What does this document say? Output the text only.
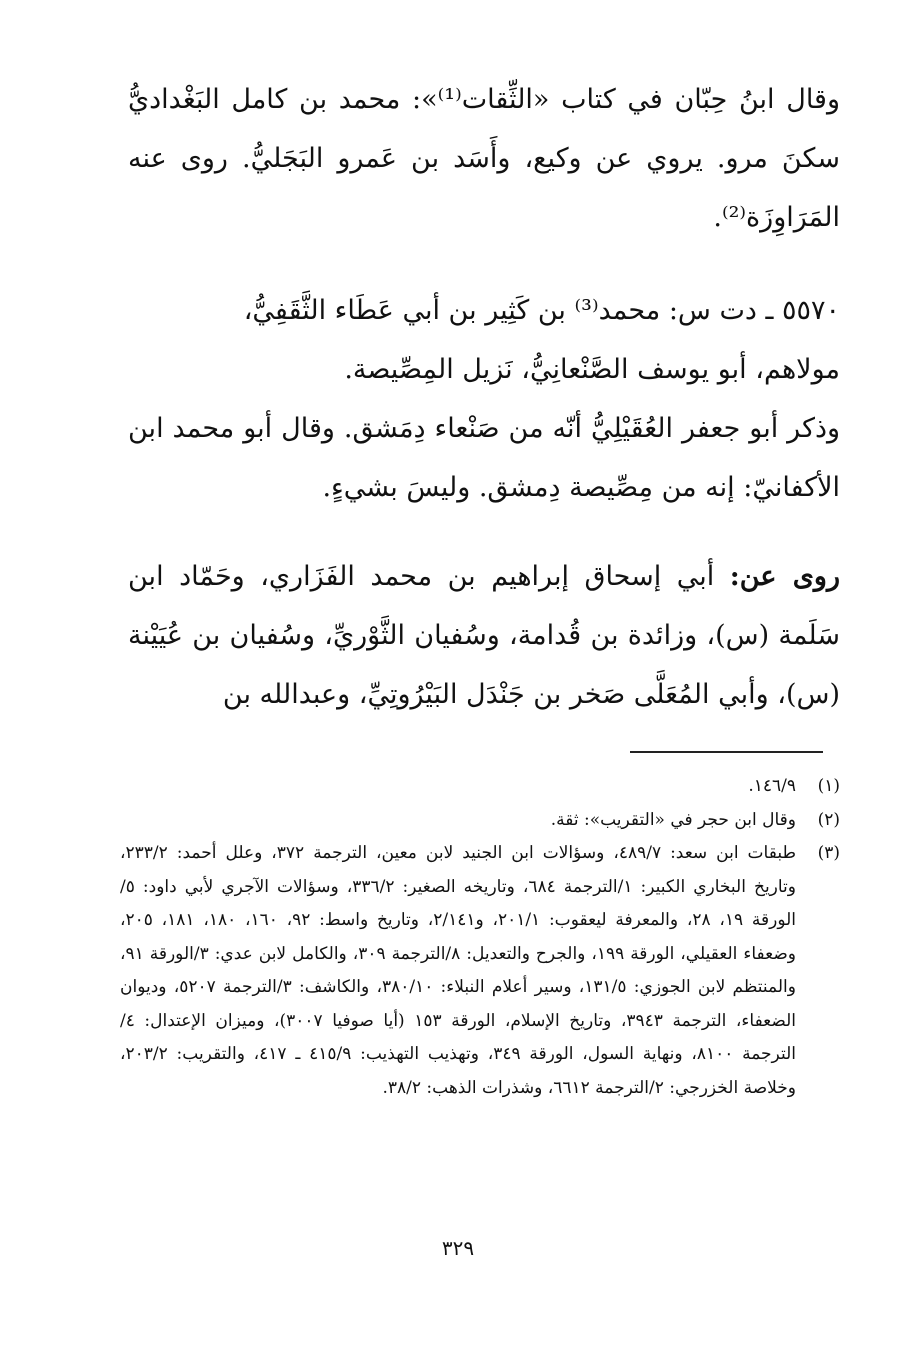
وقال ابنُ حِبّان في كتاب «الثِّقات⁽¹⁾»: محمد بن كامل البَغْداديُّ سكنَ مرو. يروي عن وكيع، وأَسَد بن عَمرو البَجَليُّ. روى عنه المَرَاوِزَة⁽²⁾.

٥٥٧٠ ـ دت س: محمد⁽³⁾ بن كَثِير بن أبي عَطَاء الثَّقَفِيُّ،
مولاهم، أبو يوسف الصَّنْعانِيُّ، نَزيل المِصِّيصة.

وذكر أبو جعفر العُقَيْلِيُّ أنّه من صَنْعاء دِمَشق. وقال أبو محمد ابن الأكفانيّ: إنه من مِصِّيصة دِمشق. وليسَ بشيءٍ.

روى عن: أبي إسحاق إبراهيم بن محمد الفَزَاري، وحَمّاد ابن سَلَمة (س)، وزائدة بن قُدامة، وسُفيان الثَّوْريِّ، وسُفيان بن عُيَيْنة (س)، وأبي المُعَلَّى صَخر بن جَنْدَل البَيْرُوتِيِّ، وعبدالله بن

(١)
١٤٦/٩.
(٢)
وقال ابن حجر في «التقريب»: ثقة.
(٣)
طبقات ابن سعد: ٤٨٩/٧، وسؤالات ابن الجنيد لابن معين، الترجمة ٣٧٢، وعلل أحمد: ٢٣٣/٢، وتاريخ البخاري الكبير: ١/الترجمة ٦٨٤، وتاريخه الصغير: ٣٣٦/٢، وسؤالات الآجري لأبي داود: ٥/الورقة ١٩، ٢٨، والمعرفة ليعقوب: ٢٠١/١، و٢/١٤١، وتاريخ واسط: ٩٢، ١٦٠، ١٨٠، ١٨١، ٢٠٥، وضعفاء العقيلي، الورقة ١٩٩، والجرح والتعديل: ٨/الترجمة ٣٠٩، والكامل لابن عدي: ٣/الورقة ٩١، والمنتظم لابن الجوزي: ١٣١/٥، وسير أعلام النبلاء: ٣٨٠/١٠، والكاشف: ٣/الترجمة ٥٢٠٧، وديوان الضعفاء، الترجمة ٣٩٤٣، وتاريخ الإسلام، الورقة ١٥٣ (أيا صوفيا ٣٠٠٧)، وميزان الإعتدال: ٤/الترجمة ٨١٠٠، ونهاية السول، الورقة ٣٤٩، وتهذيب التهذيب: ٤١٥/٩ ـ ٤١٧، والتقريب: ٢٠٣/٢، وخلاصة الخزرجي: ٢/الترجمة ٦٦١٢، وشذرات الذهب: ٣٨/٢.
٣٢٩
